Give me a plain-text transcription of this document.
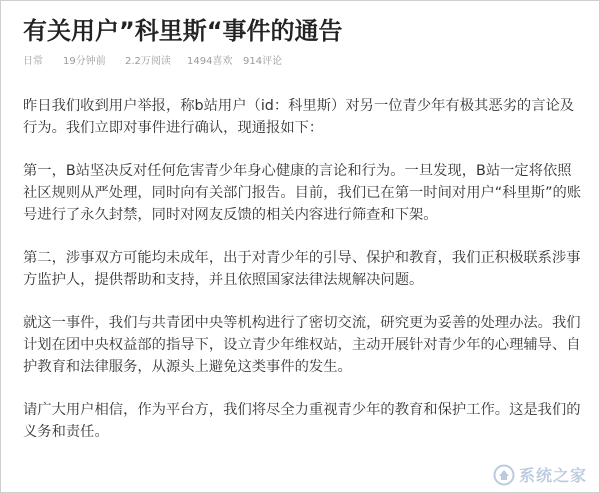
有关用户”科里斯“事件的通告
日常	19分钟前	2.2万阅读	1494喜欢	914评论

昨日我们收到用户举报，称b站用户（id：科里斯）对另一位青少年有极其恶劣的言论及行为。我们立即对事件进行确认，现通报如下：

第一，B站坚决反对任何危害青少年身心健康的言论和行为。一旦发现，B站一定将依照社区规则从严处理，同时向有关部门报告。目前，我们已在第一时间对用户“科里斯”的账号进行了永久封禁，同时对网友反馈的相关内容进行筛查和下架。

第二，涉事双方可能均未成年，出于对青少年的引导、保护和教育，我们正积极联系涉事方监护人，提供帮助和支持，并且依照国家法律法规解决问题。

就这一事件，我们与共青团中央等机构进行了密切交流，研究更为妥善的处理办法。我们计划在团中央权益部的指导下，设立青少年维权站，主动开展针对青少年的心理辅导、自护教育和法律服务，从源头上避免这类事件的发生。

请广大用户相信，作为平台方，我们将尽全力重视青少年的教育和保护工作。这是我们的义务和责任。

系统之家
